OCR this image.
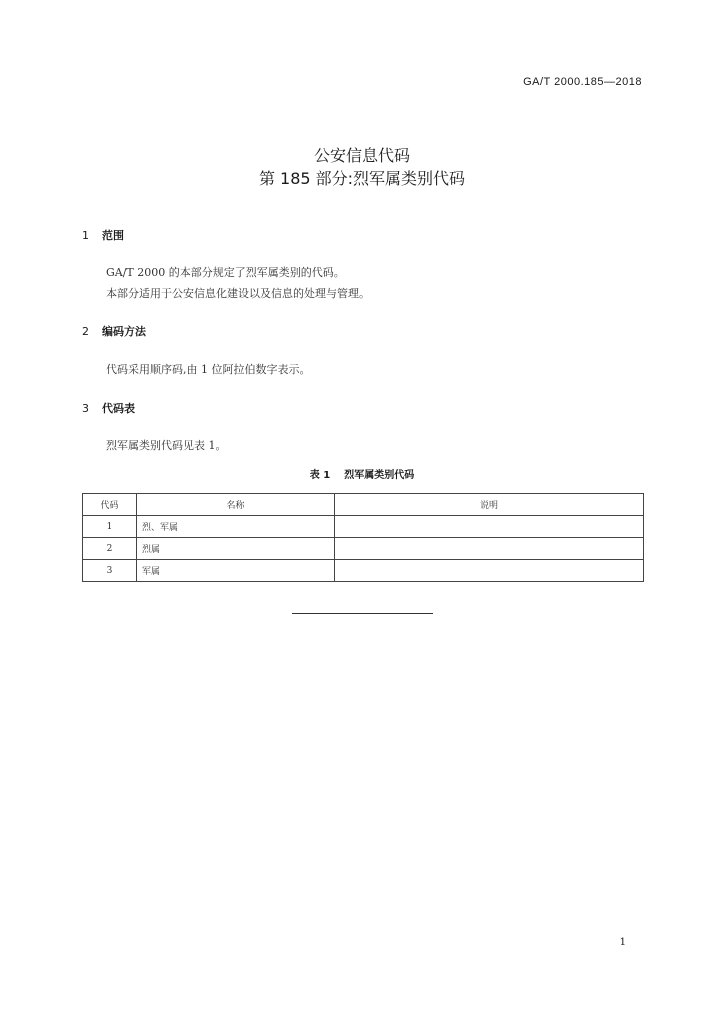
GA/T 2000.185—2018
公安信息代码
第 185 部分:烈军属类别代码
1 范围
GA/T 2000 的本部分规定了烈军属类别的代码。
本部分适用于公安信息化建设以及信息的处理与管理。
2 编码方法
代码采用顺序码,由 1 位阿拉伯数字表示。
3 代码表
烈军属类别代码见表 1。
表 1 烈军属类别代码
代码	名称	说明
1	烈、军属	
2	烈属	
3	军属	
1
